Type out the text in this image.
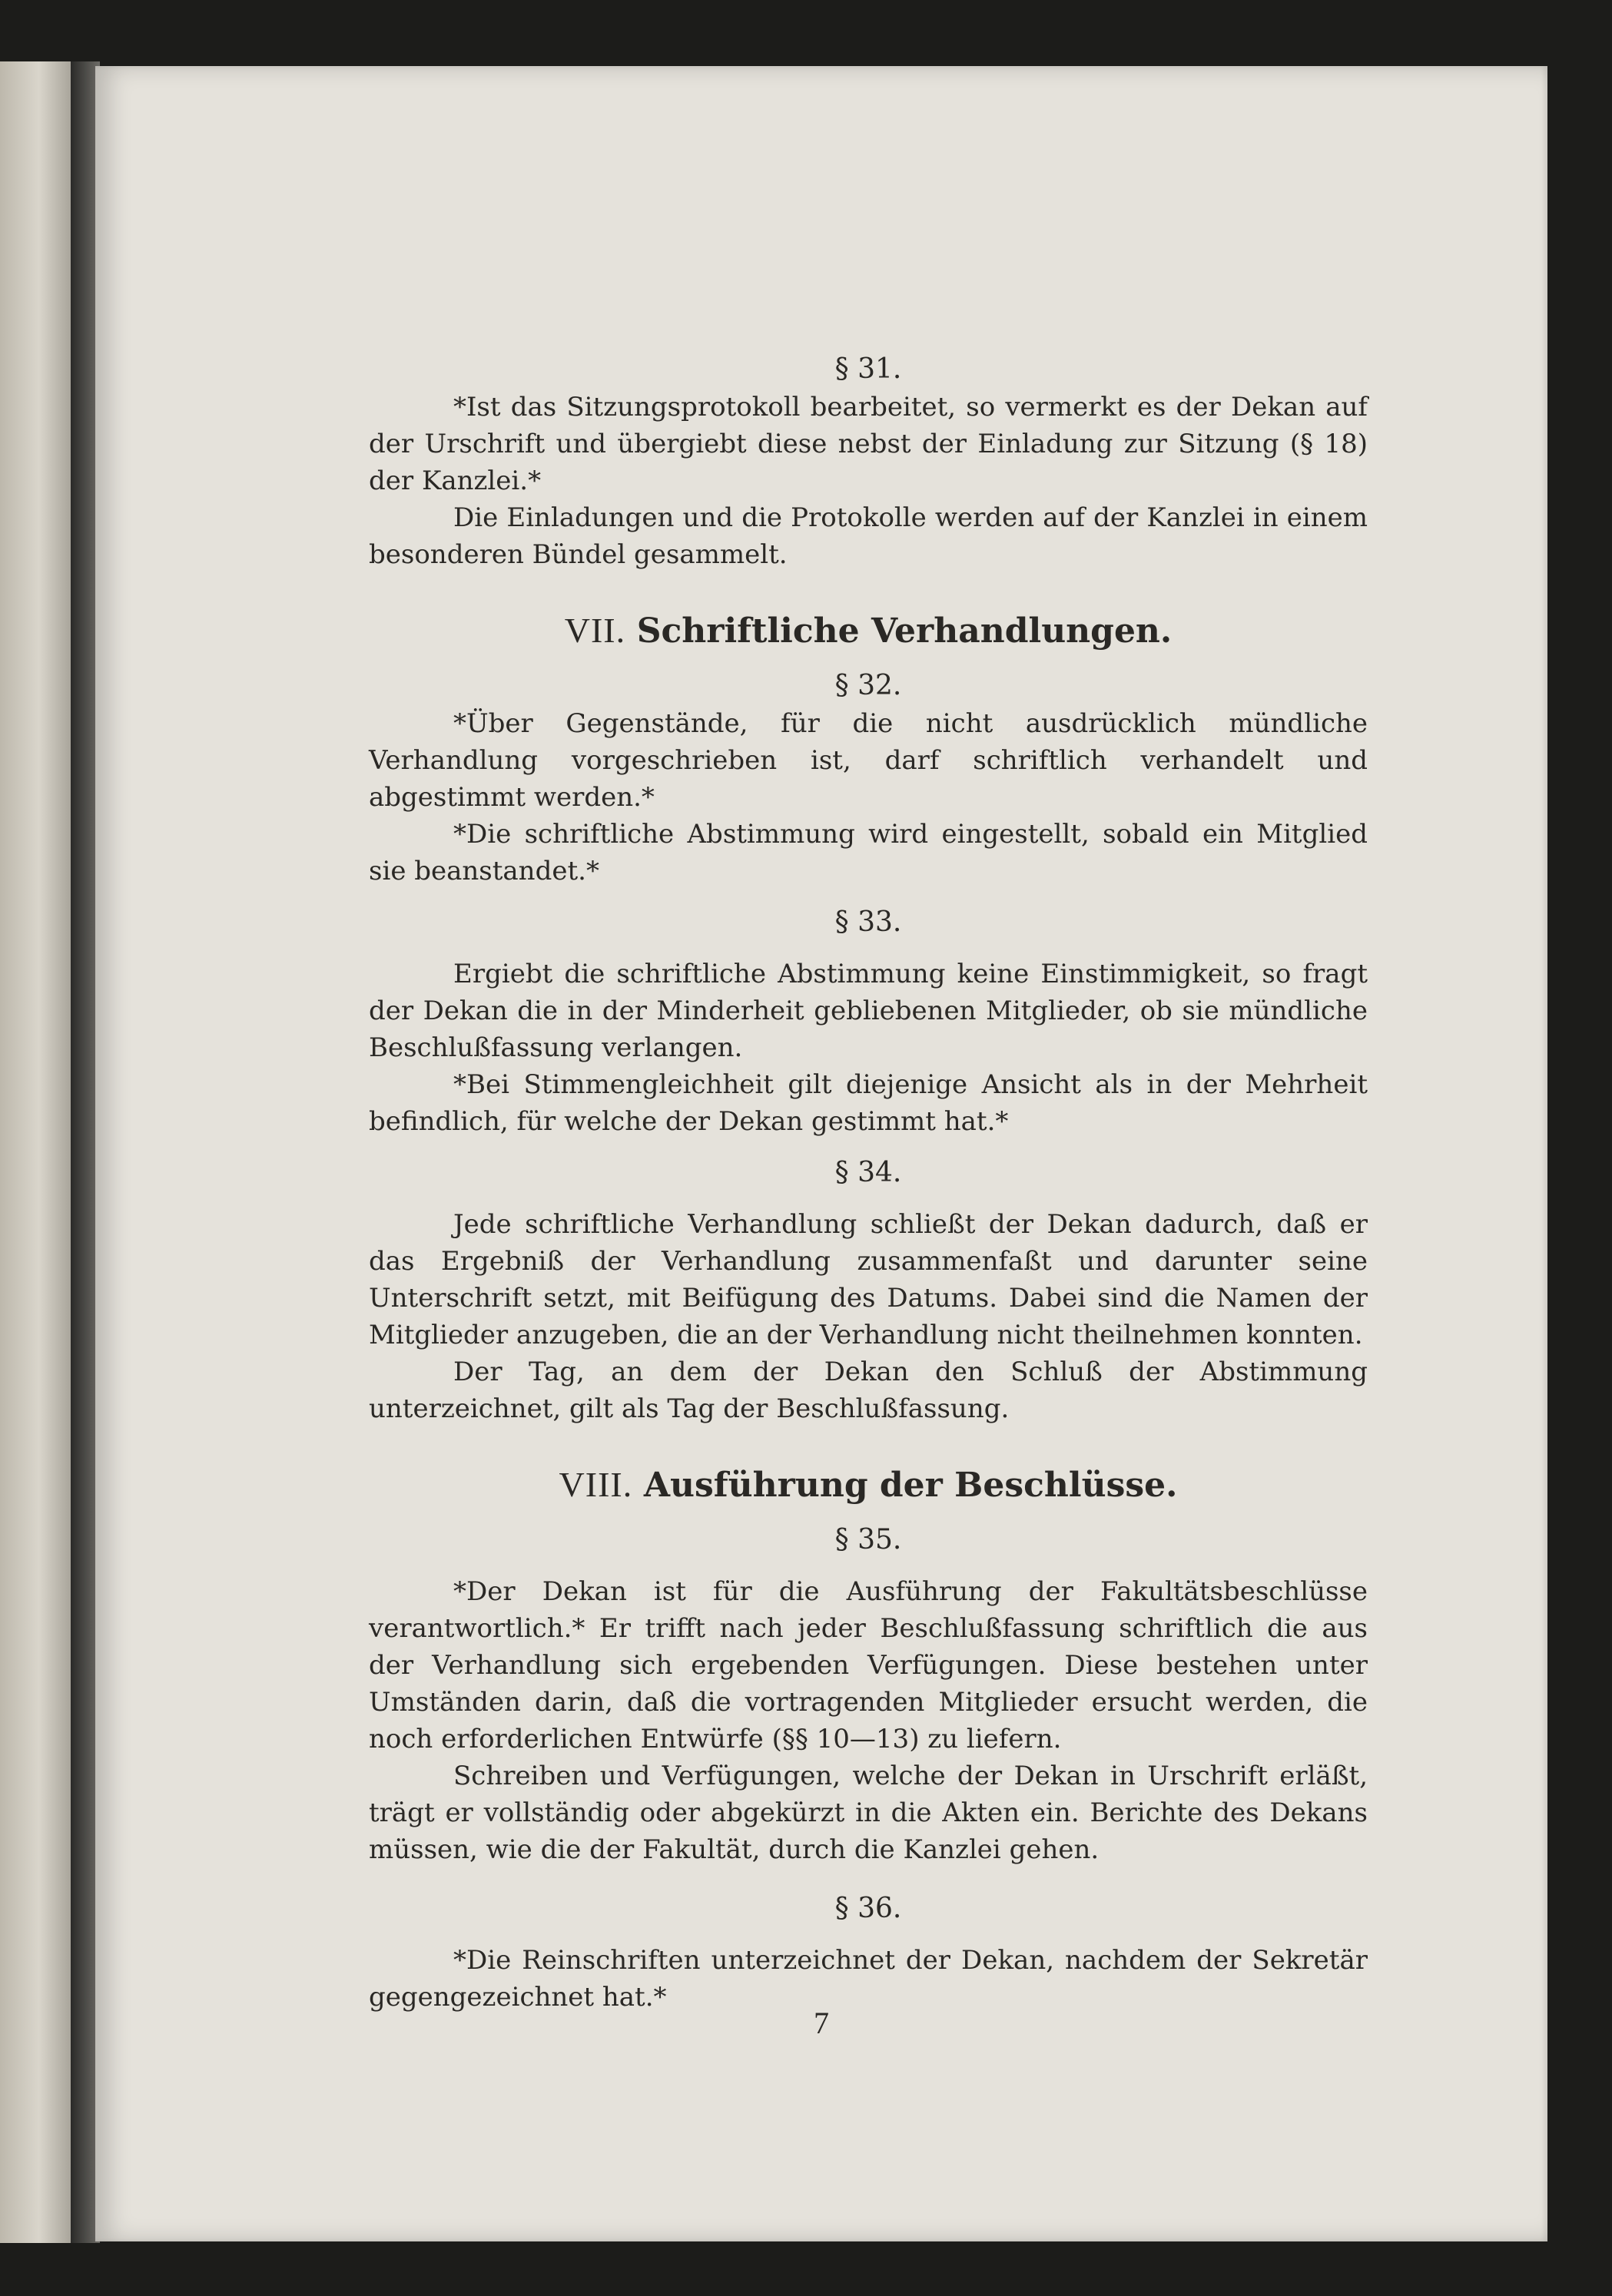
§ 31.

*Ist das Sitzungsprotokoll bearbeitet, so vermerkt es der Dekan auf der Urschrift und übergiebt diese nebst der Einladung zur Sitzung (§ 18) der Kanzlei.*

Die Einladungen und die Protokolle werden auf der Kanzlei in einem besonderen Bündel gesammelt.

VII. Schriftliche Verhandlungen.

§ 32.

*Über Gegenstände, für die nicht ausdrücklich mündliche Verhandlung vorgeschrieben ist, darf schriftlich verhandelt und abgestimmt werden.*

*Die schriftliche Abstimmung wird eingestellt, sobald ein Mitglied sie beanstandet.*

§ 33.

Ergiebt die schriftliche Abstimmung keine Einstimmigkeit, so fragt der Dekan die in der Minderheit gebliebenen Mitglieder, ob sie mündliche Beschlußfassung verlangen.

*Bei Stimmengleichheit gilt diejenige Ansicht als in der Mehrheit befindlich, für welche der Dekan gestimmt hat.*

§ 34.

Jede schriftliche Verhandlung schließt der Dekan dadurch, daß er das Ergebniß der Verhandlung zusammenfaßt und darunter seine Unterschrift setzt, mit Beifügung des Datums. Dabei sind die Namen der Mitglieder anzugeben, die an der Verhandlung nicht theilnehmen konnten.

Der Tag, an dem der Dekan den Schluß der Abstimmung unterzeichnet, gilt als Tag der Beschlußfassung.

VIII. Ausführung der Beschlüsse.

§ 35.

*Der Dekan ist für die Ausführung der Fakultätsbeschlüsse verantwortlich.* Er trifft nach jeder Beschlußfassung schriftlich die aus der Verhandlung sich ergebenden Verfügungen. Diese bestehen unter Umständen darin, daß die vortragenden Mitglieder ersucht werden, die noch erforderlichen Entwürfe (§§ 10—13) zu liefern.

Schreiben und Verfügungen, welche der Dekan in Urschrift erläßt, trägt er vollständig oder abgekürzt in die Akten ein. Berichte des Dekans müssen, wie die der Fakultät, durch die Kanzlei gehen.

§ 36.

*Die Reinschriften unterzeichnet der Dekan, nachdem der Sekretär gegengezeichnet hat.*

7
